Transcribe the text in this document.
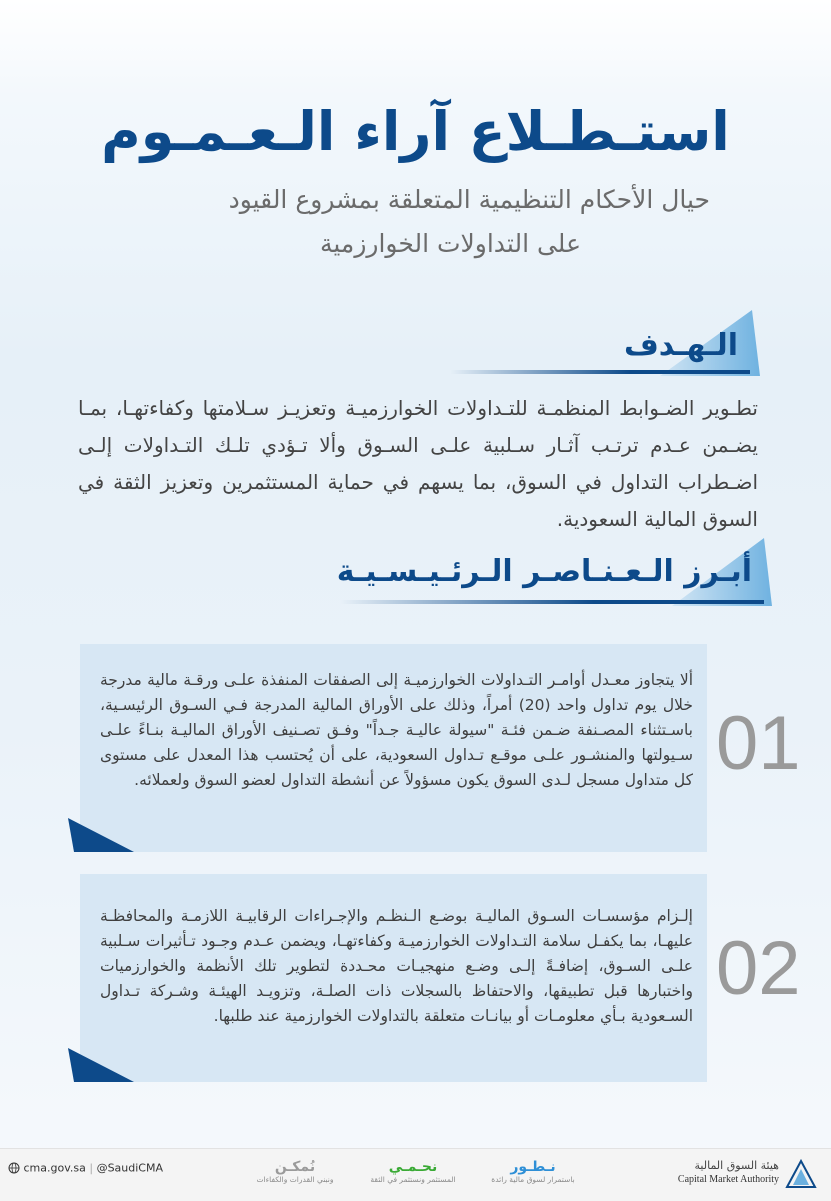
استـطـلاع آراء الـعـمـوم

حيال الأحكام التنظيمية المتعلقة بمشروع القيود

على التداولات الخوارزمية

الـهـدف

تطـوير الضـوابط المنظمـة للتـداولات الخوارزميـة وتعزيـز سـلامتها وكفاءتهـا، بمـا يضـمن عـدم ترتـب آثـار سـلبية علـى السـوق وألا تـؤدي تلـك التـداولات إلـى اضـطراب التداول في السوق، بما يسهم في حماية المستثمرين وتعزيز الثقة في السوق المالية السعودية.

أبـرز الـعـنـاصـر الـرئـيـسـيـة

ألا يتجاوز معـدل أوامـر التـداولات الخوارزميـة إلى الصفقات المنفذة علـى ورقـة مالية مدرجة خلال يوم تداول واحد (20) أمراً، وذلك على الأوراق المالية المدرجة فـي السـوق الرئيسـية، باسـتثناء المصـنفة ضـمن فئـة "سيولة عاليـة جـداً" وفـق تصـنيف الأوراق الماليـة بنـاءً علـى سـيولتها والمنشـور علـى موقـع تـداول السعودية، على أن يُحتسب هذا المعدل على مستوى كل متداول مسجل لـدى السوق يكون مسؤولاً عن أنشطة التداول لعضو السوق ولعملائه. 01

إلـزام مؤسسـات السـوق الماليـة بوضـع الـنظـم والإجـراءات الرقابيـة اللازمـة والمحافظـة عليهـا، بما يكفـل سلامة التـداولات الخوارزميـة وكفاءتهـا، ويضمن عـدم وجـود تـأثيرات سـلبية علـى السـوق، إضافـةً إلـى وضـع منهجيـات محـددة لتطوير تلك الأنظمة والخوارزميات واختبارها قبل تطبيقها، والاحتفاظ بالسجلات ذات الصلـة، وتزويـد الهيئـة وشـركة تـداول السـعودية بـأي معلومـات أو بيانـات متعلقة بالتداولات الخوارزمية عند طلبها.

02
cma.gov.sa | @SaudiCMA	نـطـور
باستمرار لسوق مالية رائدة
نحـمـي
المستثمر ونستثمر في الثقة
نُمكـن
ونبني القدرات والكفاءات
هيئة السوق المالية
Capital Market Authority
